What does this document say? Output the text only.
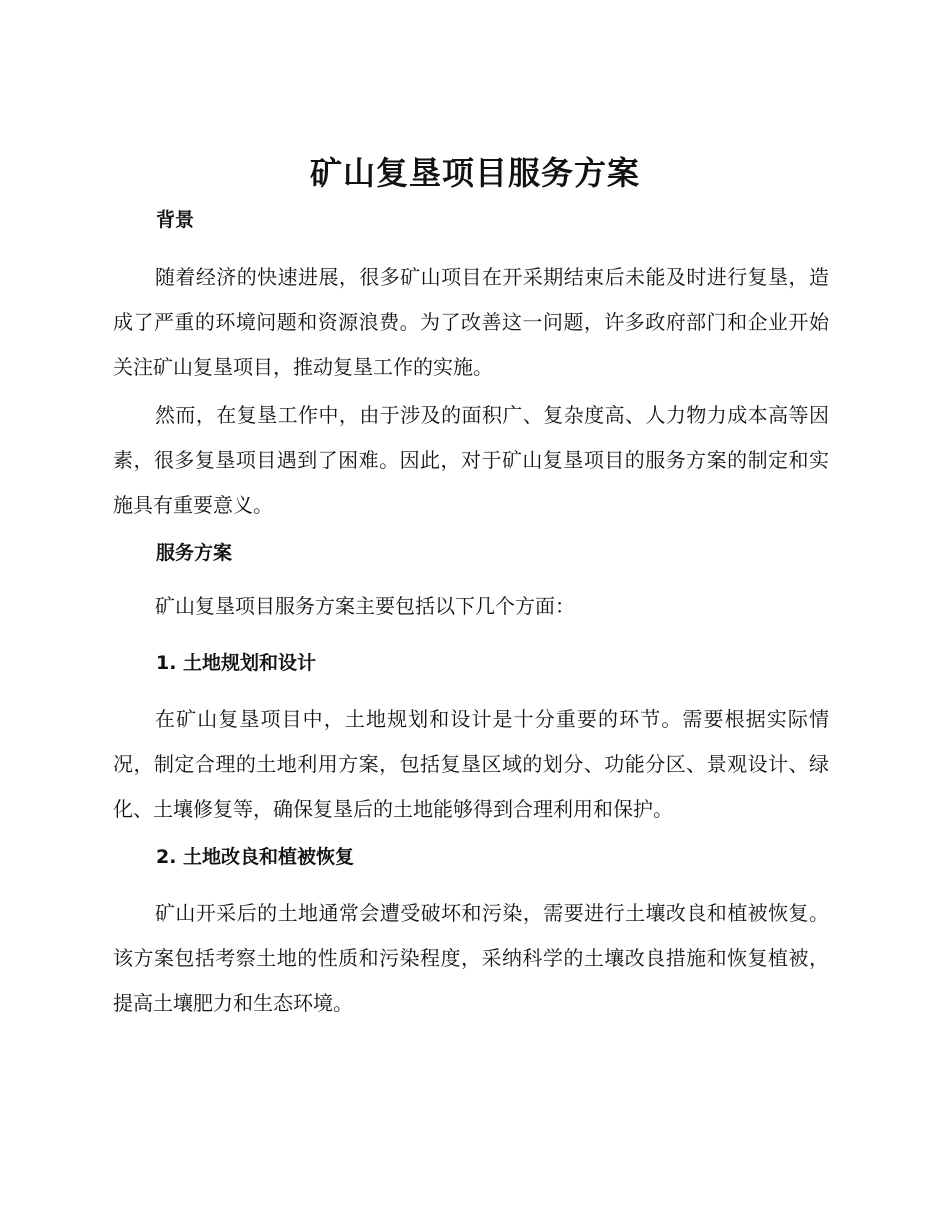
矿山复垦项目服务方案
背景

随着经济的快速进展，很多矿山项目在开采期结束后未能及时进行复垦，造成了严重的环境问题和资源浪费。为了改善这一问题，许多政府部门和企业开始关注矿山复垦项目，推动复垦工作的实施。

然而，在复垦工作中，由于涉及的面积广、复杂度高、人力物力成本高等因素，很多复垦项目遇到了困难。因此，对于矿山复垦项目的服务方案的制定和实施具有重要意义。

服务方案

矿山复垦项目服务方案主要包括以下几个方面：

1. 土地规划和设计

在矿山复垦项目中，土地规划和设计是十分重要的环节。需要根据实际情况，制定合理的土地利用方案，包括复垦区域的划分、功能分区、景观设计、绿化、土壤修复等，确保复垦后的土地能够得到合理利用和保护。

2. 土地改良和植被恢复

矿山开采后的土地通常会遭受破坏和污染，需要进行土壤改良和植被恢复。该方案包括考察土地的性质和污染程度，采纳科学的土壤改良措施和恢复植被，提高土壤肥力和生态环境。
